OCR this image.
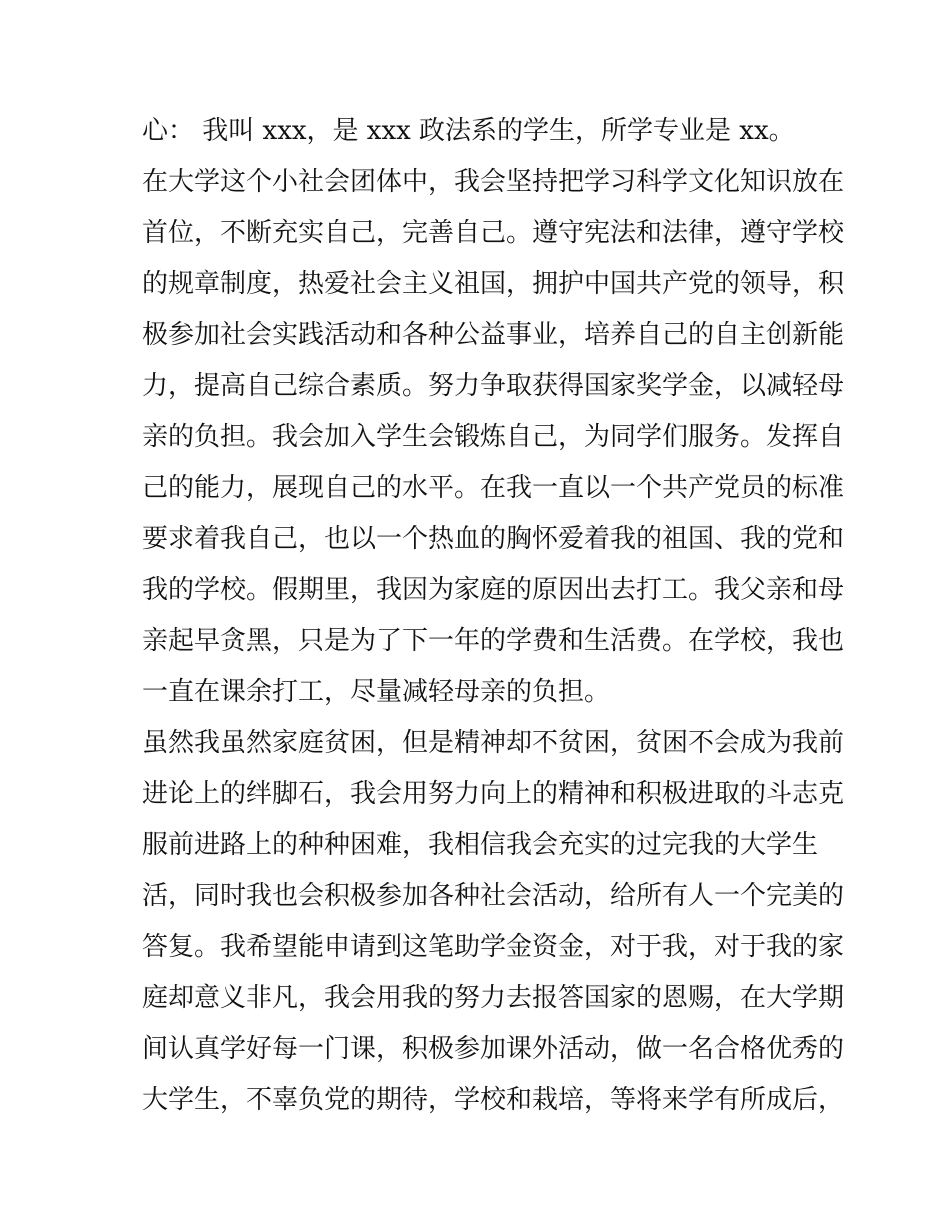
心： 我叫 xxx，是 xxx 政法系的学生，所学专业是 xx。
在大学这个小社会团体中，我会坚持把学习科学文化知识放在
首位，不断充实自己，完善自己。遵守宪法和法律，遵守学校
的规章制度，热爱社会主义祖国，拥护中国共产党的领导，积
极参加社会实践活动和各种公益事业，培养自己的自主创新能
力，提高自己综合素质。努力争取获得国家奖学金，以减轻母
亲的负担。我会加入学生会锻炼自己，为同学们服务。发挥自
己的能力，展现自己的水平。在我一直以一个共产党员的标准
要求着我自己，也以一个热血的胸怀爱着我的祖国、我的党和
我的学校。假期里，我因为家庭的原因出去打工。我父亲和母
亲起早贪黑，只是为了下一年的学费和生活费。在学校，我也
一直在课余打工，尽量减轻母亲的负担。
虽然我虽然家庭贫困，但是精神却不贫困，贫困不会成为我前
进论上的绊脚石，我会用努力向上的精神和积极进取的斗志克
服前进路上的种种困难，我相信我会充实的过完我的大学生
活，同时我也会积极参加各种社会活动，给所有人一个完美的
答复。我希望能申请到这笔助学金资金，对于我，对于我的家
庭却意义非凡，我会用我的努力去报答国家的恩赐，在大学期
间认真学好每一门课，积极参加课外活动，做一名合格优秀的
大学生，不辜负党的期待，学校和栽培，等将来学有所成后，
